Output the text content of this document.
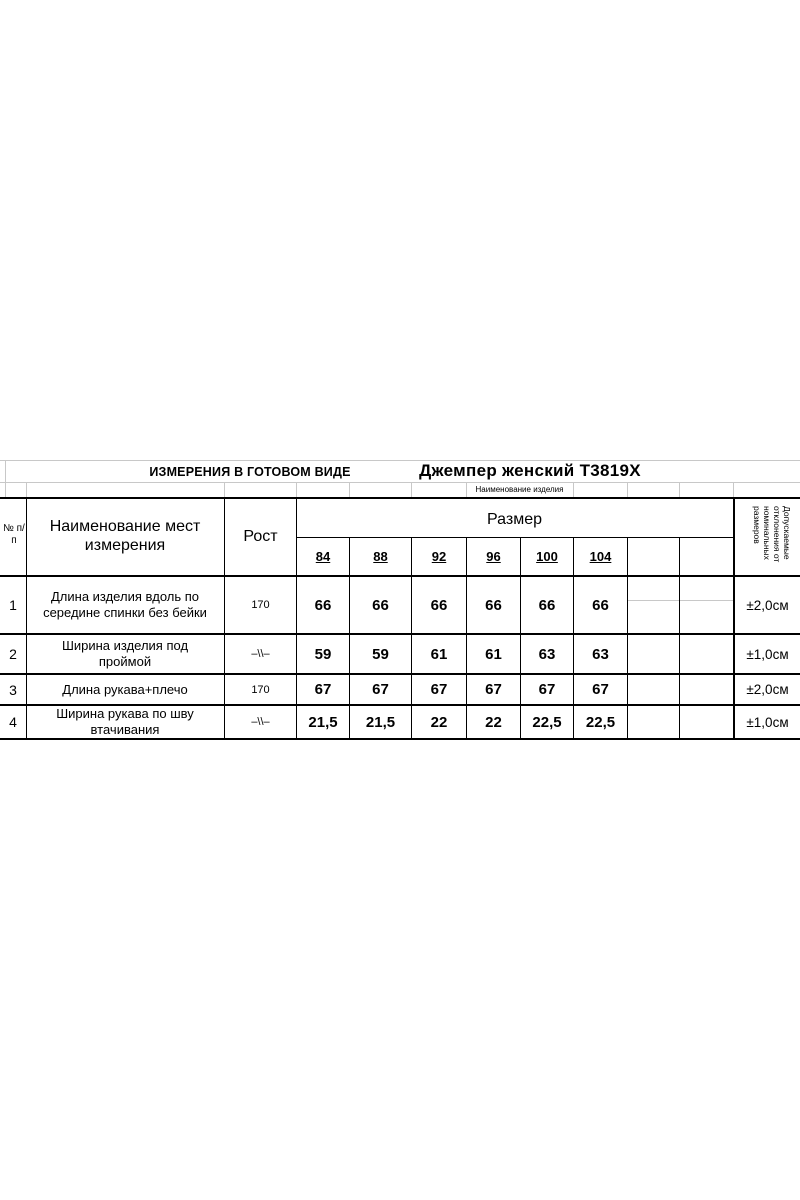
ИЗМЕРЕНИЯ В ГОТОВОМ ВИДЕ	Джемпер женский Т3819Х
Наименование изделия
№ п/п
Наименование мест измерения
Рост
Размер	Допускаемые отклонения от номинальных размеров
84	88	92	96	100	104
1
Длина изделия вдоль по середине спинки без бейки	170	66	66	66	66	66	66	±2,0см
2
Ширина изделия под проймой	–\\–	59	59	61	61	63	63	±1,0см
3	Длина рукава+плечо	170	67	67	67	67	67	67	±2,0см
4
Ширина рукава по шву втачивания	–\\–	21,5	21,5	22	22	22,5	22,5	±1,0см
